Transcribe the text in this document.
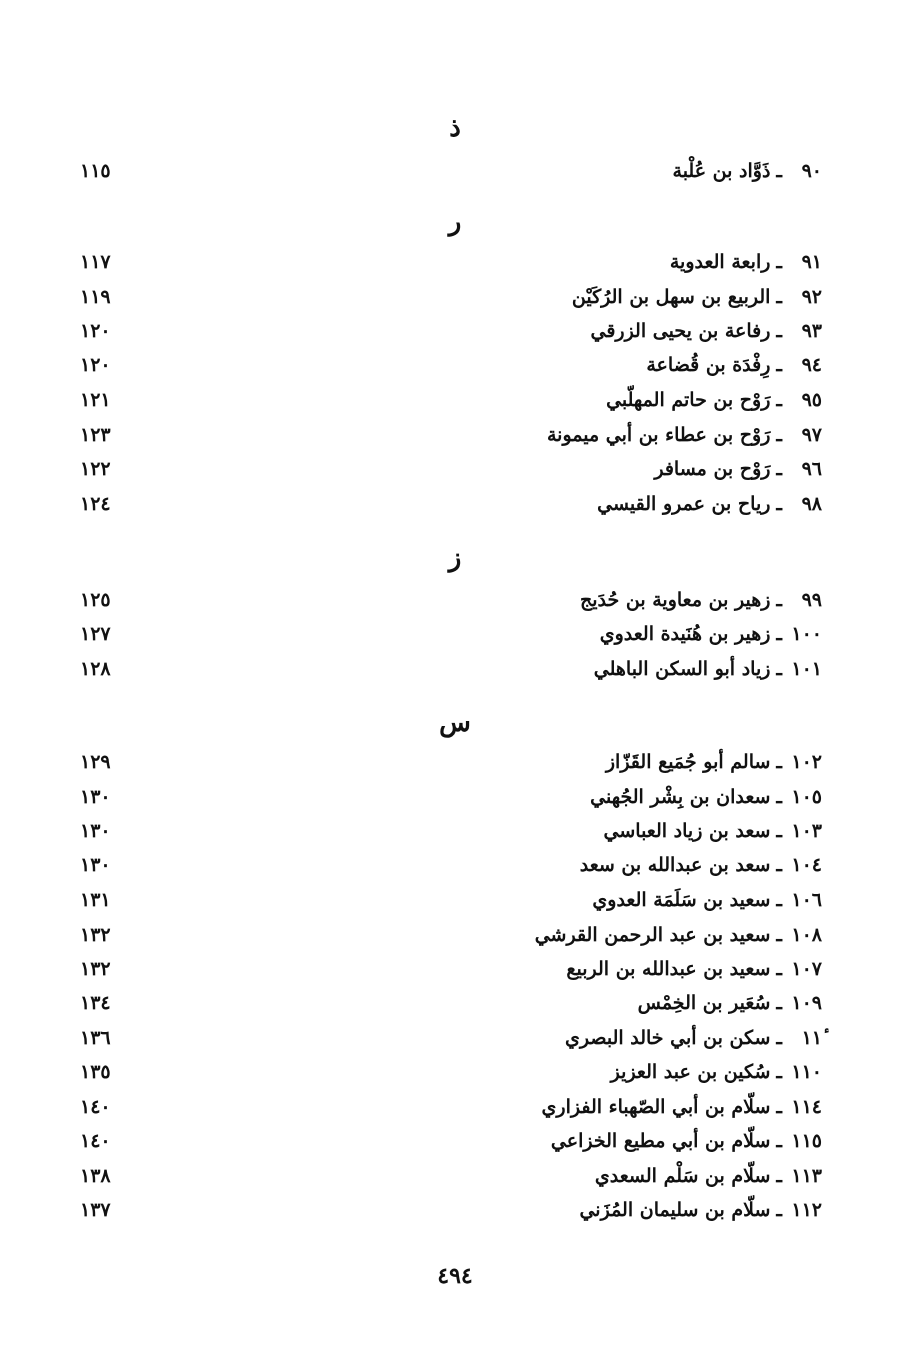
ذ
٩٠ـذَوَّاد بن عُلْبة
١١٥
ر
٩١ـرابعة العدوية
١١٧
٩٢ـالربيع بن سهل بن الرُكَيْن
١١٩
٩٣ـرفاعة بن يحيى الزرقي
١٢٠
٩٤ـرِفْدَة بن قُضاعة
١٢٠
٩٥ـرَوْح بن حاتم المهلّبي
١٢١
٩٧ـرَوْح بن عطاء بن أبي ميمونة
١٢٣
٩٦ـرَوْح بن مسافر
١٢٢
٩٨ـرياح بن عمرو القيسي
١٢٤
ز
٩٩ـزهير بن معاوية بن حُدَيج
١٢٥
١٠٠ـزهير بن هُنَيدة العدوي
١٢٧
١٠١ـزياد أبو السكن الباهلي
١٢٨
س
١٠٢ـسالم أبو جُمَيع القَزّاز
١٢٩
١٠٥ـسعدان بن بِشْر الجُهني
١٣٠
١٠٣ـسعد بن زياد العباسي
١٣٠
١٠٤ـسعد بن عبدالله بن سعد
١٣٠
١٠٦ـسعيد بن سَلَمَة العدوي
١٣١
١٠٨ـسعيد بن عبد الرحمن القرشي
١٣٢
١٠٧ـسعيد بن عبدالله بن الربيع
١٣٢
١٠٩ـسُعَير بن الخِمْس
١٣٤
١١ٔـسكن بن أبي خالد البصري
١٣٦
١١٠ـسُكين بن عبد العزيز
١٣٥
١١٤ـسلّام بن أبي الصّهباء الفزاري
١٤٠
١١٥ـسلّام بن أبي مطيع الخزاعي
١٤٠
١١٣ـسلّام بن سَلْم السعدي
١٣٨
١١٢ـسلّام بن سليمان المُزَني
١٣٧
٤٩٤
